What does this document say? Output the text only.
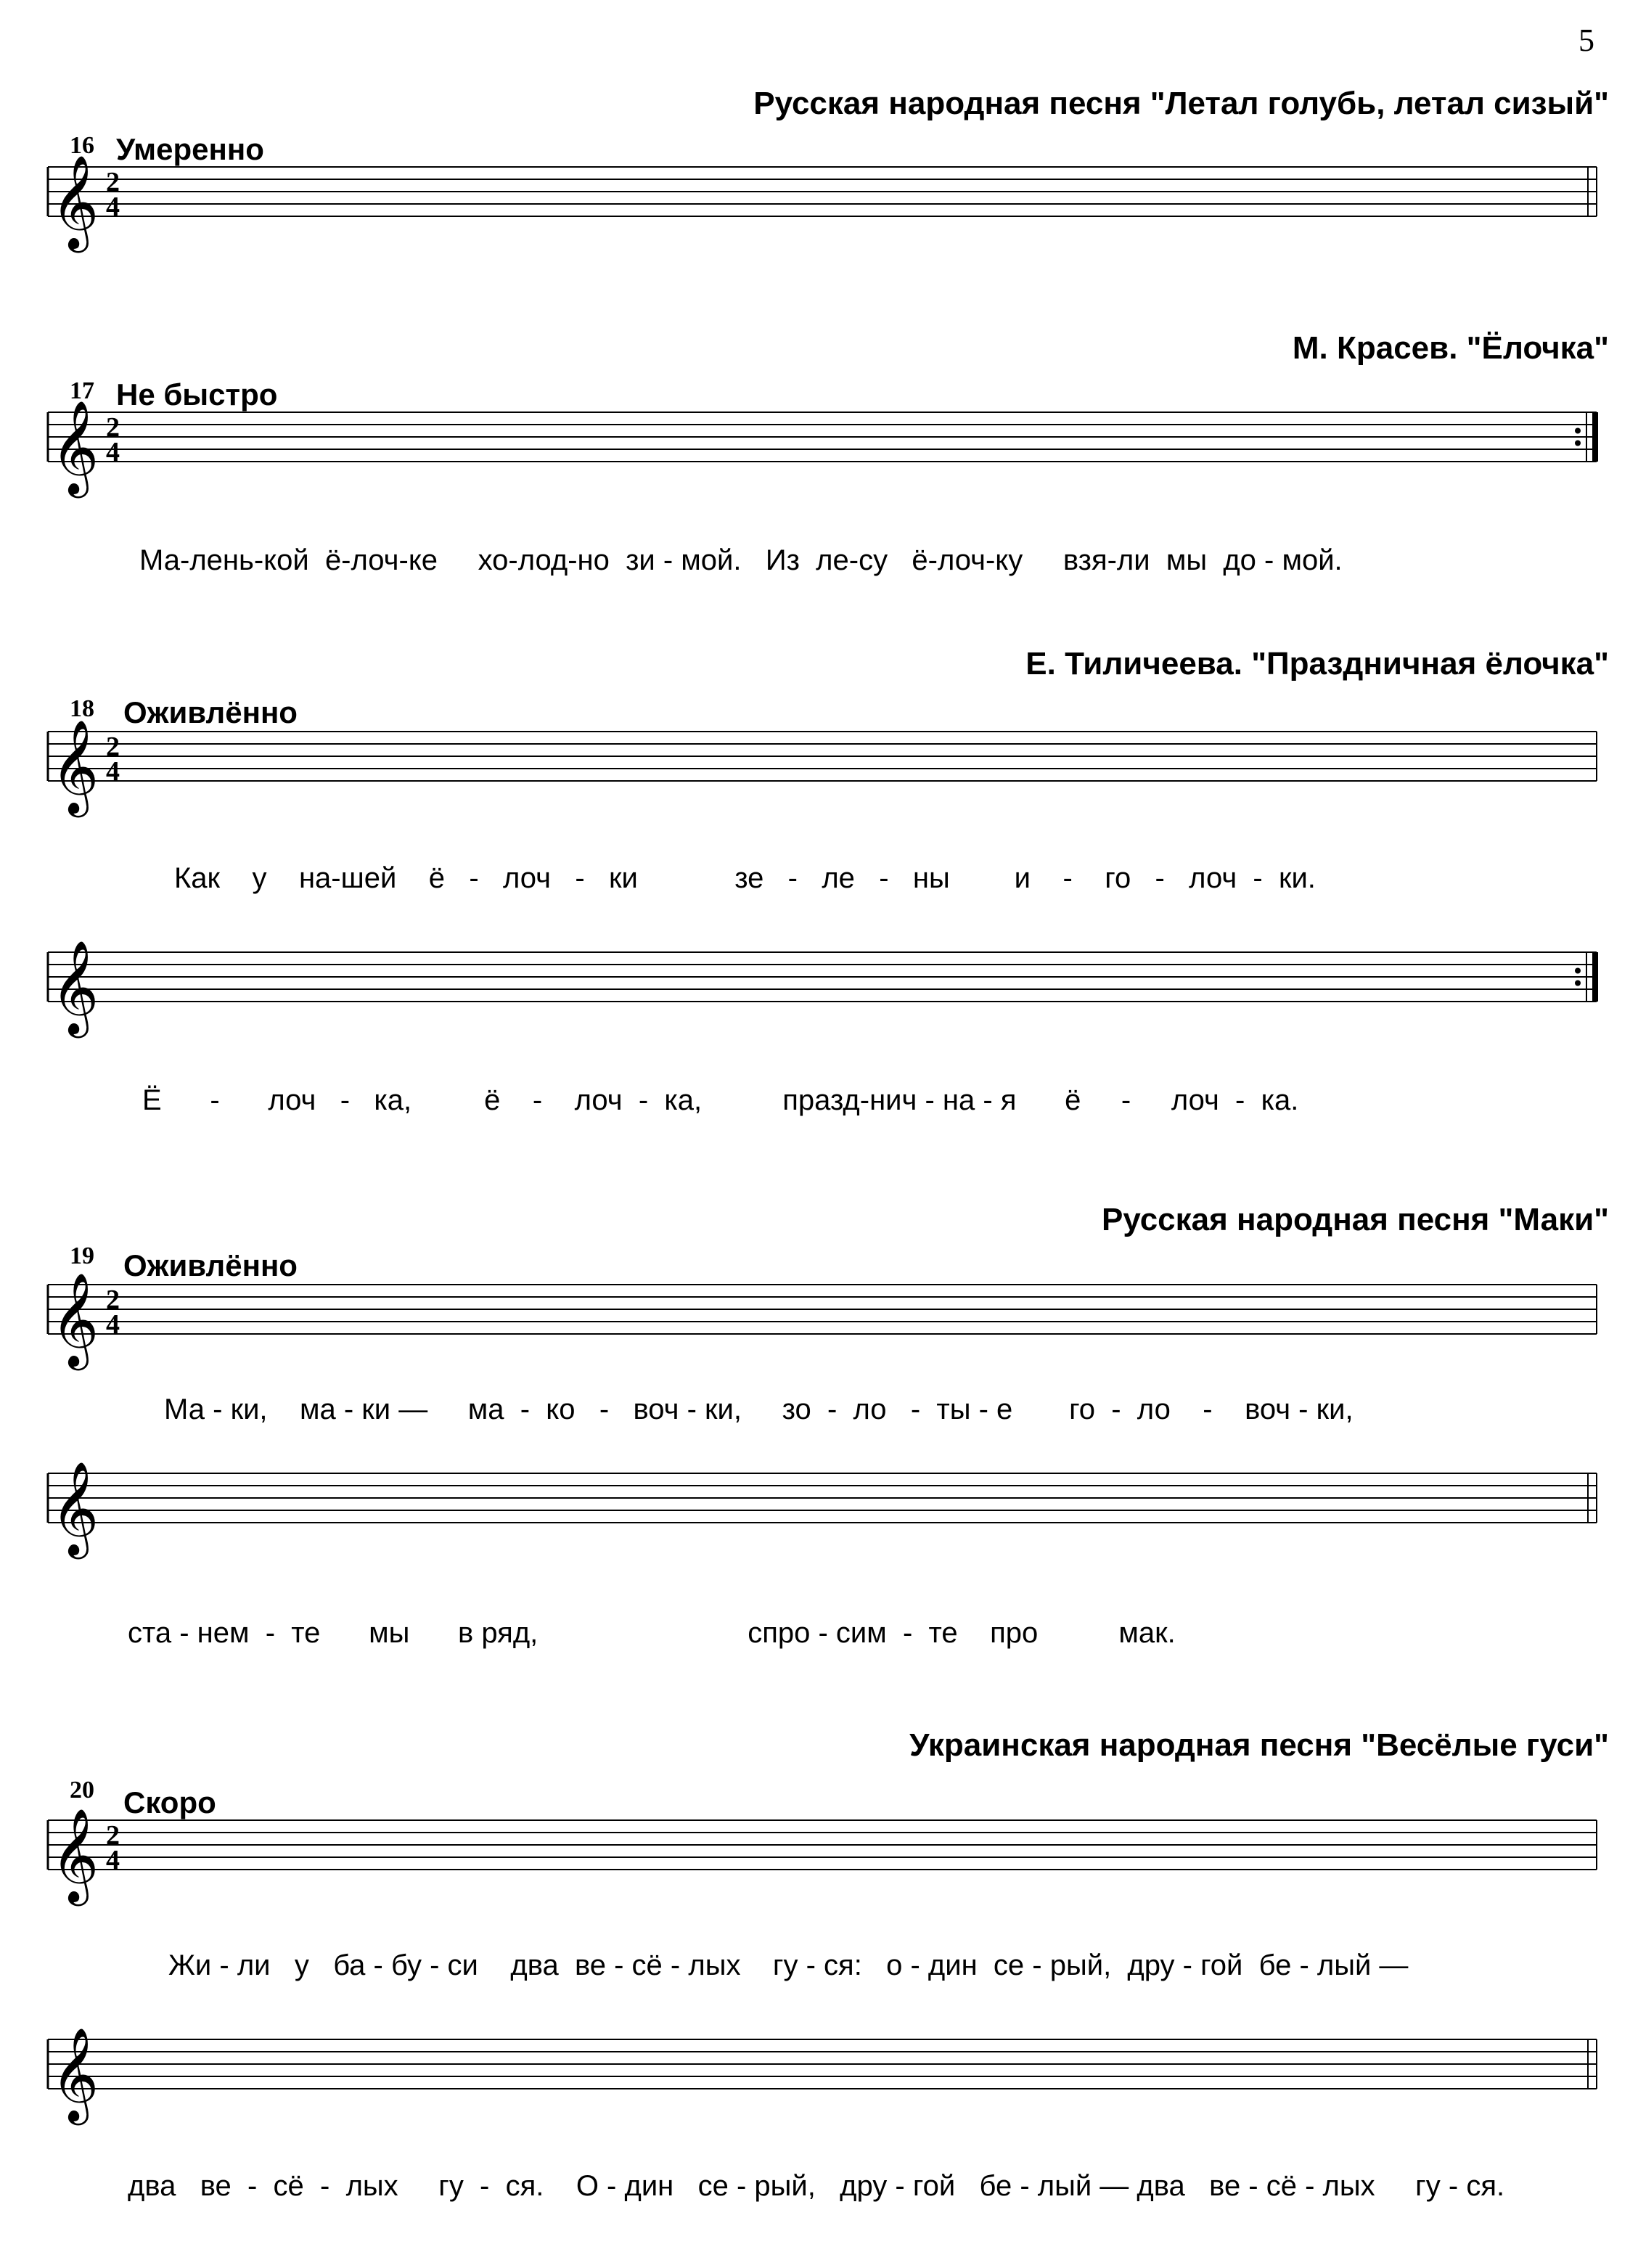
5
Русская народная песня "Летал голубь, летал сизый"
16 Умеренно
𝄞 2
4
М. Красев. "Ёлочка"
17 Не быстро
𝄞 2
4
Ма-лень-кой  ё-лоч-ке     хо-лод-но  зи - мой.   Из  ле-су   ё-лоч-ку     взя-ли  мы  до - мой.
Е. Тиличеева. "Праздничная ёлочка"
18 Оживлённо
𝄞 2
4
Как    у    на-шей    ё   -   лоч   -   ки            зе   -   ле   -   ны        и    -    го   -   лоч  -  ки.
𝄞
Ё      -      лоч   -   ка,         ё    -    лоч  -  ка,          празд-нич - на - я      ё     -     лоч  -  ка.
Русская народная песня "Маки"
19 Оживлённо
𝄞 2
4
Ма - ки,    ма - ки —     ма  -  ко   -   воч - ки,     зо  -  ло   -  ты - е       го  -  ло    -    воч - ки,
𝄞
ста - нем  -  те      мы      в ряд,                          спро - сим  -  те    про          мак.
Украинская народная песня "Весёлые гуси"
20 Скоро
𝄞 2
4
Жи - ли   у   ба - бу - си    два  ве - сё - лых    гу - ся:   о - дин  се - рый,  дру - гой  бе - лый —
𝄞
два   ве  -  сё  -  лых     гу  -  ся.    О - дин   се - рый,   дру - гой   бе - лый — два   ве - сё - лых     гу - ся.
